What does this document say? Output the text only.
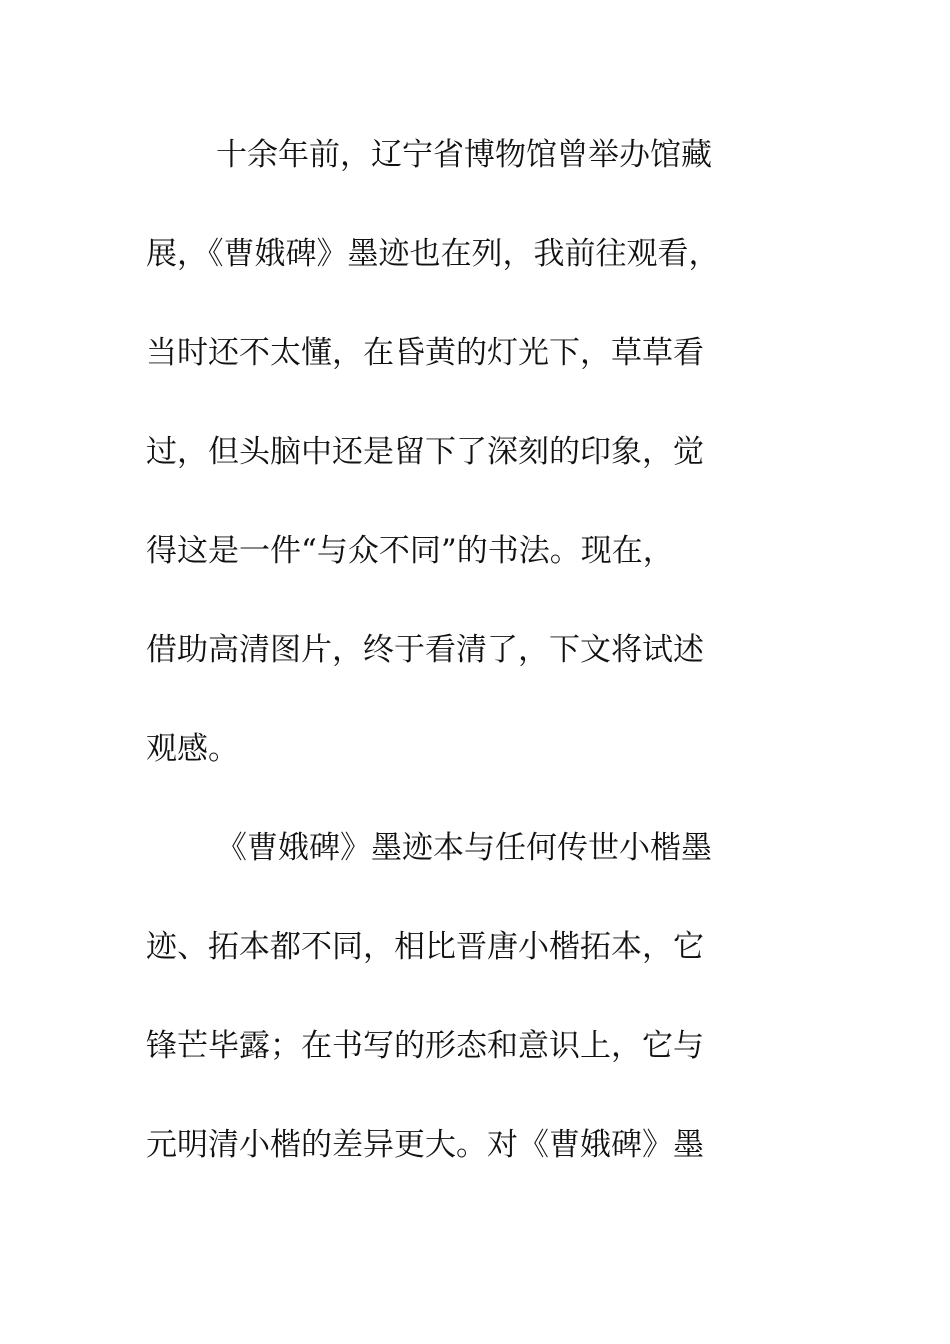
十余年前，辽宁省博物馆曾举办馆藏
展，《曹娥碑》墨迹也在列，我前往观看，
当时还不太懂，在昏黄的灯光下，草草看
过，但头脑中还是留下了深刻的印象，觉
得这是一件“与众不同”的书法。现在，
借助高清图片，终于看清了，下文将试述
观感。
《曹娥碑》墨迹本与任何传世小楷墨
迹、拓本都不同，相比晋唐小楷拓本，它
锋芒毕露；在书写的形态和意识上，它与
元明清小楷的差异更大。对《曹娥碑》墨
